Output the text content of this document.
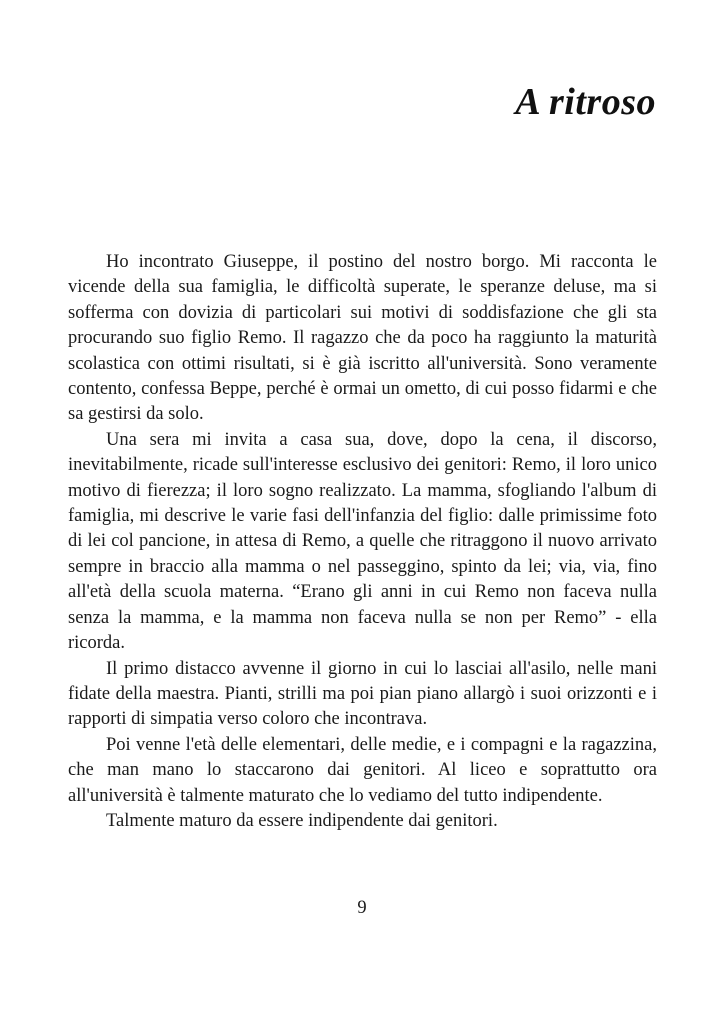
A ritroso

Ho incontrato Giuseppe, il postino del nostro borgo. Mi racconta le vicende della sua famiglia, le difficoltà superate, le speranze deluse, ma si sofferma con dovizia di particolari sui motivi di soddisfazione che gli sta procurando suo figlio Remo. Il ragazzo che da poco ha raggiunto la maturità scolastica con ottimi risultati, si è già iscritto all'università. Sono veramente contento, confessa Beppe, perché è ormai un ometto, di cui posso fidarmi e che sa gestirsi da solo.

Una sera mi invita a casa sua, dove, dopo la cena, il discorso, inevitabilmente, ricade sull'interesse esclusivo dei genitori: Remo, il loro unico motivo di fierezza; il loro sogno realizzato. La mamma, sfogliando l'album di famiglia, mi descrive le varie fasi dell'infanzia del figlio: dalle primissime foto di lei col pancione, in attesa di Remo, a quelle che ritraggono il nuovo arrivato sempre in braccio alla mamma o nel passeggino, spinto da lei; via, via, fino all'età della scuola materna. “Erano gli anni in cui Remo non faceva nulla senza la mamma, e la mamma non faceva nulla se non per Remo” - ella ricorda.

Il primo distacco avvenne il giorno in cui lo lasciai all'asilo, nelle mani fidate della maestra. Pianti, strilli ma poi pian piano allargò i suoi orizzonti e i rapporti di simpatia verso coloro che incontrava.

Poi venne l'età delle elementari, delle medie, e i compagni e la ragazzina, che man mano lo staccarono dai genitori. Al liceo e soprattutto ora all'università è talmente maturato che lo vediamo del tutto indipendente.

Talmente maturo da essere indipendente dai genitori.

9
